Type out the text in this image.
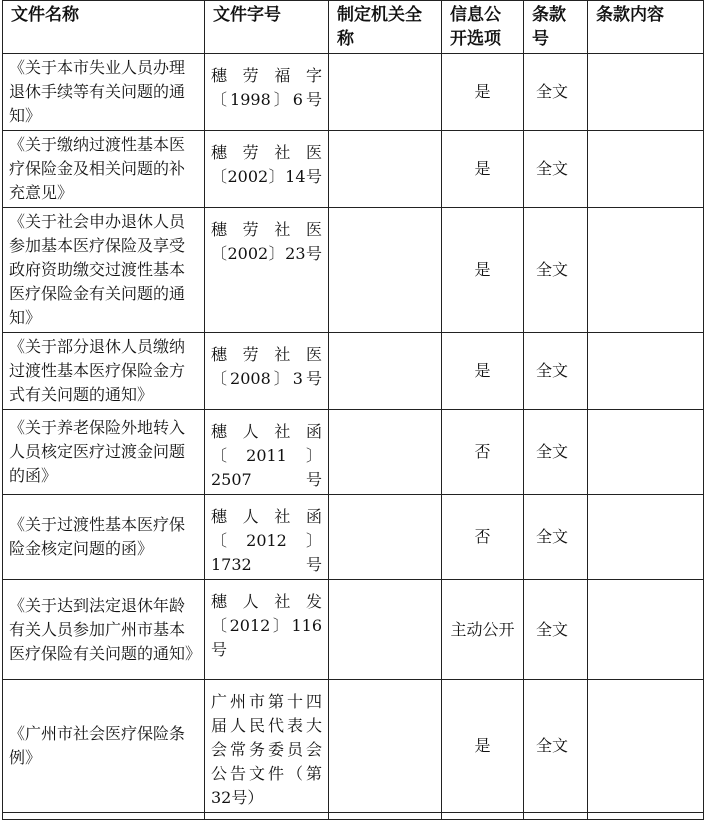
文件名称	文件字号	制定机关全称	信息公开选项	条款号	条款内容
《关于本市失业人员办理退休手续等有关问题的通知》	穗劳福字〔1998〕6号		是	全文	
《关于缴纳过渡性基本医疗保险金及相关问题的补充意见》	穗劳社医〔2002〕14号		是	全文	
《关于社会申办退休人员参加基本医疗保险及享受政府资助缴交过渡性基本医疗保险金有关问题的通知》	穗劳社医〔2002〕23号		是	全文	
《关于部分退休人员缴纳过渡性基本医疗保险金方式有关问题的通知》	穗劳社医〔2008〕3号		是	全文	
《关于养老保险外地转入人员核定医疗过渡金问题的函》	穗人社函〔2011〕2507号		否	全文	
《关于过渡性基本医疗保险金核定问题的函》	穗人社函〔2012〕1732号		否	全文	
《关于达到法定退休年龄有关人员参加广州市基本医疗保险有关问题的通知》	穗人社发〔2012〕116号		主动公开	全文	
《广州市社会医疗保险条例》	广州市第十四届人民代表大会常务委员会公告文件（第32号）		是	全文	
